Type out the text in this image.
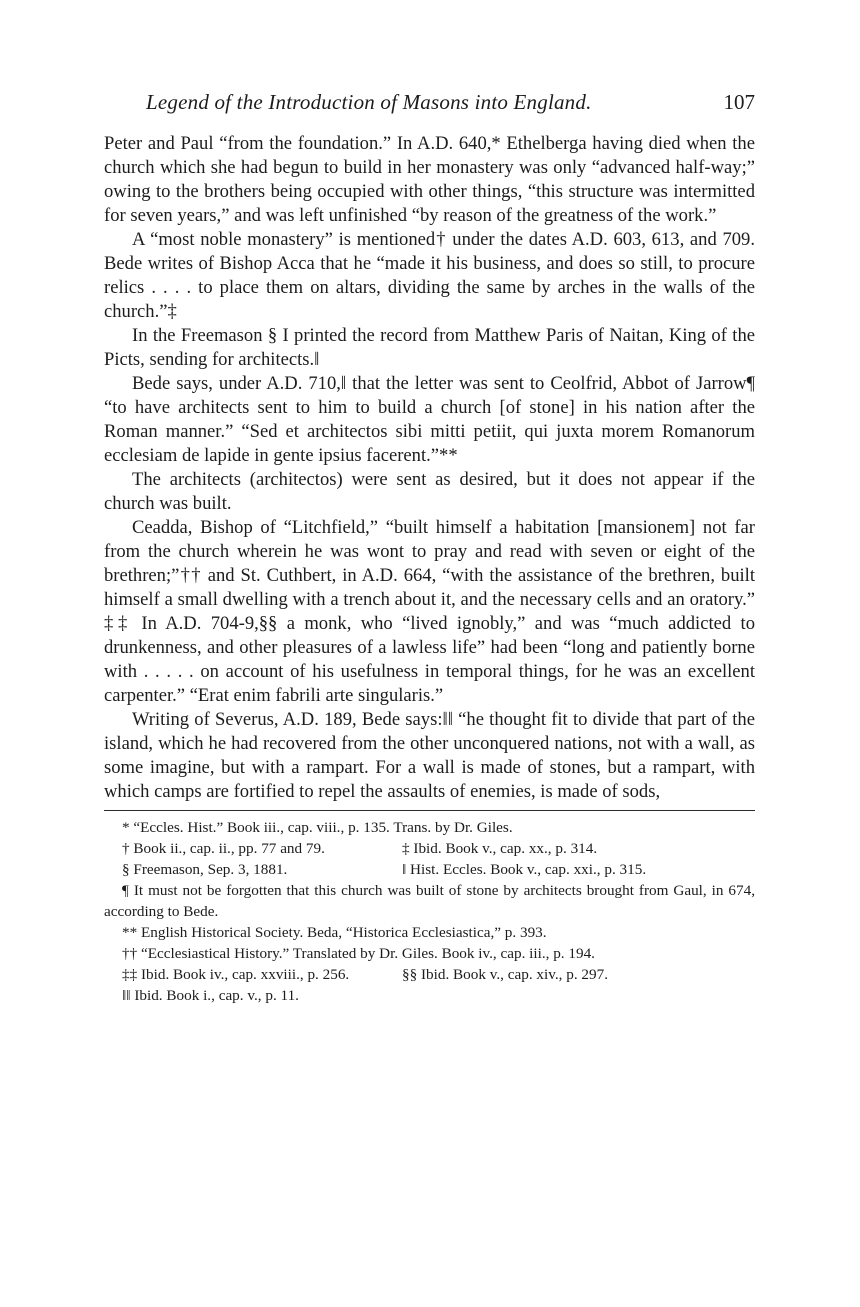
Legend of the Introduction of Masons into England.	107

Peter and Paul “from the foundation.” In A.D. 640,* Ethelberga having died when the church which she had begun to build in her monastery was only “advanced half-way;” owing to the brothers being occupied with other things, “this structure was intermitted for seven years,” and was left unfinished “by reason of the greatness of the work.”

A “most noble monastery” is mentioned† under the dates A.D. 603, 613, and 709. Bede writes of Bishop Acca that he “made it his business, and does so still, to procure relics . . . . to place them on altars, dividing the same by arches in the walls of the church.”‡

In the Freemason § I printed the record from Matthew Paris of Naitan, King of the Picts, sending for architects.‖

Bede says, under A.D. 710,‖ that the letter was sent to Ceolfrid, Abbot of Jarrow¶ “to have architects sent to him to build a church [of stone] in his nation after the Roman manner.” “Sed et architectos sibi mitti petiit, qui juxta morem Romanorum ecclesiam de lapide in gente ipsius facerent.”**

The architects (architectos) were sent as desired, but it does not appear if the church was built.

Ceadda, Bishop of “Litchfield,” “built himself a habitation [mansionem] not far from the church wherein he was wont to pray and read with seven or eight of the brethren;”†† and St. Cuthbert, in A.D. 664, “with the assistance of the brethren, built himself a small dwelling with a trench about it, and the necessary cells and an oratory.” ‡‡ In A.D. 704-9,§§ a monk, who “lived ignobly,” and was “much addicted to drunkenness, and other pleasures of a lawless life” had been “long and patiently borne with . . . . . on account of his usefulness in temporal things, for he was an excellent carpenter.” “Erat enim fabrili arte singularis.”

Writing of Severus, A.D. 189, Bede says:‖‖ “he thought fit to divide that part of the island, which he had recovered from the other unconquered nations, not with a wall, as some imagine, but with a rampart. For a wall is made of stones, but a rampart, with which camps are fortified to repel the assaults of enemies, is made of sods,

* “Eccles. Hist.” Book iii., cap. viii., p. 135. Trans. by Dr. Giles.

† Book ii., cap. ii., pp. 77 and 79.	‡ Ibid. Book v., cap. xx., p. 314.
§ Freemason, Sep. 3, 1881.	‖ Hist. Eccles. Book v., cap. xxi., p. 315.

¶ It must not be forgotten that this church was built of stone by architects brought from Gaul, in 674, according to Bede.

** English Historical Society. Beda, “Historica Ecclesiastica,” p. 393.

†† “Ecclesiastical History.” Translated by Dr. Giles. Book iv., cap. iii., p. 194.

‡‡ Ibid. Book iv., cap. xxviii., p. 256.	§§ Ibid. Book v., cap. xiv., p. 297.

‖‖ Ibid. Book i., cap. v., p. 11.
